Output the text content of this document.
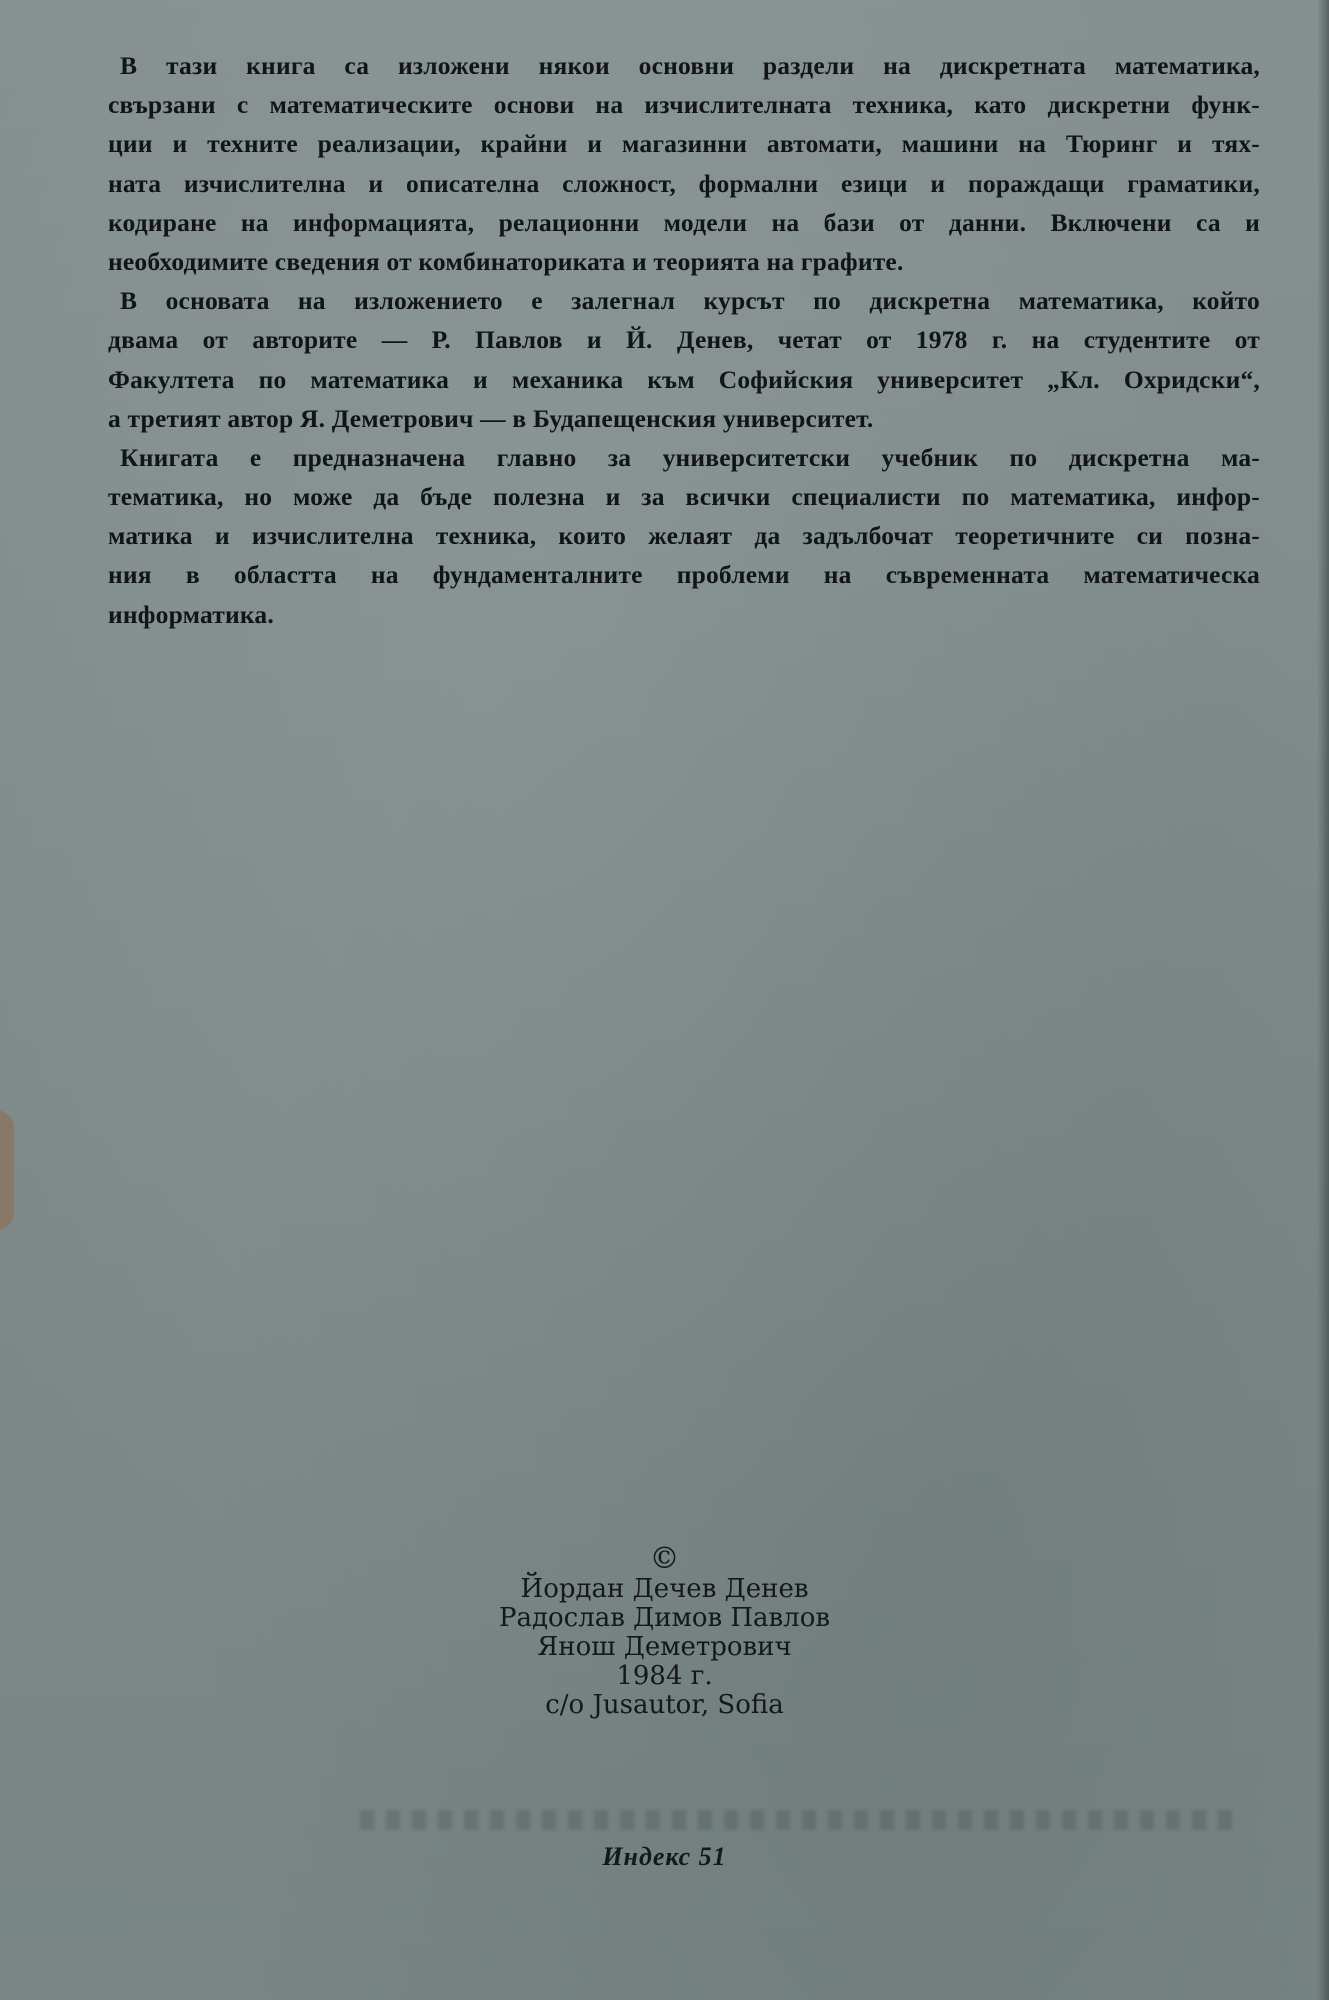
В тази книга са изложени някои основни раздели на дискретната математика,
свързани с математическите основи на изчислителната техника, като дискретни функ-
ции и техните реализации, крайни и магазинни автомати, машини на Тюринг и тях-
ната изчислителна и описателна сложност, формални езици и пораждащи граматики,
кодиране на информацията, релационни модели на бази от данни. Включени са и
необходимите сведения от комбинаториката и теорията на графите.
В основата на изложението е залегнал курсът по дискретна математика, който
двама от авторите — Р. Павлов и Й. Денев, четат от 1978 г. на студентите от
Факултета по математика и механика към Софийския университет „Кл. Охридски“,
а третият автор Я. Деметрович — в Будапещенския университет.
Книгата е предназначена главно за университетски учебник по дискретна ма-
тематика, но може да бъде полезна и за всички специалисти по математика, инфор-
матика и изчислителна техника, които желаят да задълбочат теоретичните си позна-
ния в областта на фундаменталните проблеми на съвременната математическа
информатика.
©
Йордан Дечев Денев
Радослав Димов Павлов
Янош Деметрович
1984 г.
c/o Jusautor, Sofia
Индекс 51
